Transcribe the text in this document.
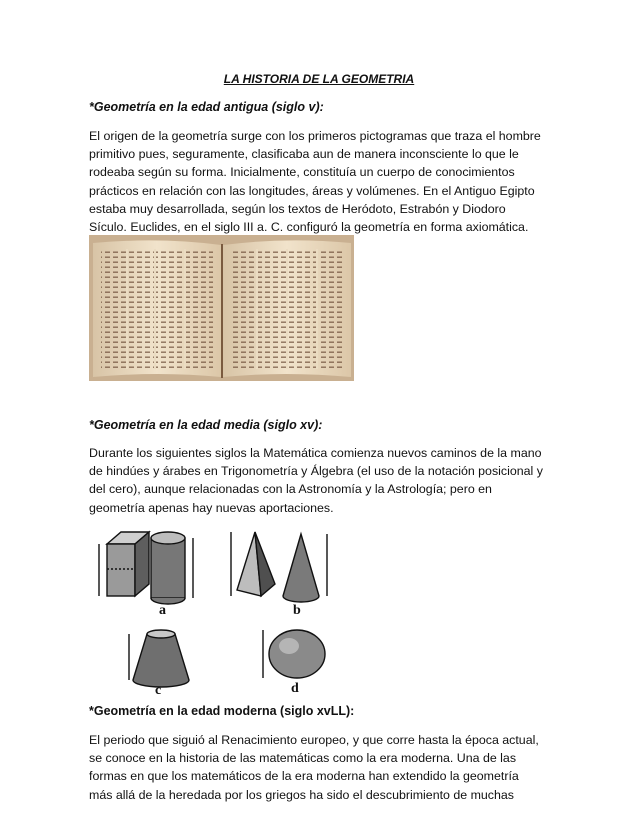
LA HISTORIA DE LA GEOMETRIA
*Geometría en la edad antigua (siglo v):
El origen de la geometría surge con los primeros pictogramas que traza el hombre
primitivo pues, seguramente, clasificaba aun de manera inconsciente lo que le
rodeaba según su forma. Inicialmente, constituía un cuerpo de conocimientos
prácticos en relación con las longitudes, áreas y volúmenes. En el Antiguo Egipto
estaba muy desarrollada, según los textos de Heródoto, Estrabón y Diodoro
Sículo. Euclides, en el siglo III a. C. configuró la geometría en forma axiomática.
*Geometría en la edad media (siglo xv):
Durante los siguientes siglos la Matemática comienza nuevos caminos de la mano
de hindúes y árabes en Trigonometría y Álgebra (el uso de la notación posicional y
del cero), aunque relacionadas con la Astronomía y la Astrología; pero en
geometría apenas hay nuevas aportaciones.
a	b
c	d
*Geometría en la edad moderna (siglo xvLL):
El periodo que siguió al Renacimiento europeo, y que corre hasta la época actual,
se conoce en la historia de las matemáticas como la era moderna. Una de las
formas en que los matemáticos de la era moderna han extendido la geometría
más allá de la heredada por los griegos ha sido el descubrimiento de muchas
